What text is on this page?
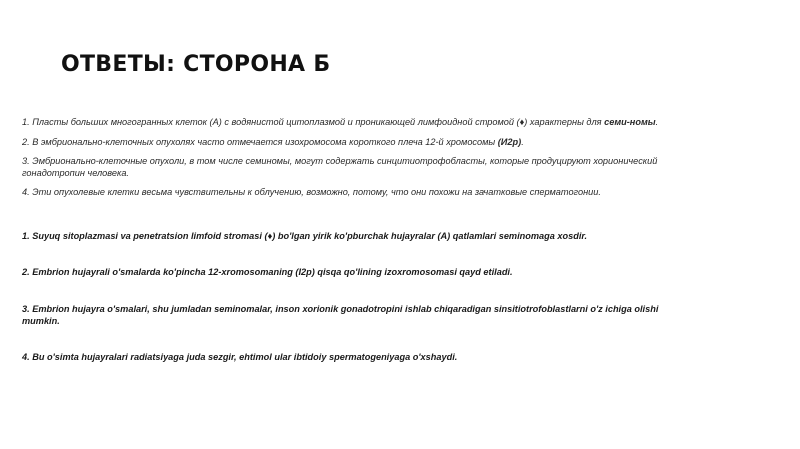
ОТВЕТЫ: СТОРОНА Б

1. Пласты больших многогранных клеток (A) с водянистой цитоплазмой и проникающей лимфоидной стромой (♦) характерны для семи-номы.

2. В эмбрионально-клеточных опухолях часто отмечается изохромосома короткого плеча 12-й хромосомы (И2p).

3. Эмбрионально-клеточные опухоли, в том числе семиномы, могут содержать синцитиотрофобласты, которые продуцируют хорионический гонадотропин человека.

4. Эти опухолевые клетки весьма чувствительны к облучению, возможно, потому, что они похожи на зачатковые сперматогонии.

1. Suyuq sitoplazmasi va penetratsion limfoid stromasi (♦) bo'lgan yirik ko'pburchak hujayralar (A) qatlamlari seminomaga xosdir.

2. Embrion hujayrali o'smalarda ko'pincha 12-xromosomaning (I2p) qisqa qo'lining izoxromosomasi qayd etiladi.

3. Embrion hujayra o'smalari, shu jumladan seminomalar, inson xorionik gonadotropini ishlab chiqaradigan sinsitiotrofoblastlarni o'z ichiga olishi mumkin.

4. Bu o'simta hujayralari radiatsiyaga juda sezgir, ehtimol ular ibtidoiy spermatogeniyaga o'xshaydi.
